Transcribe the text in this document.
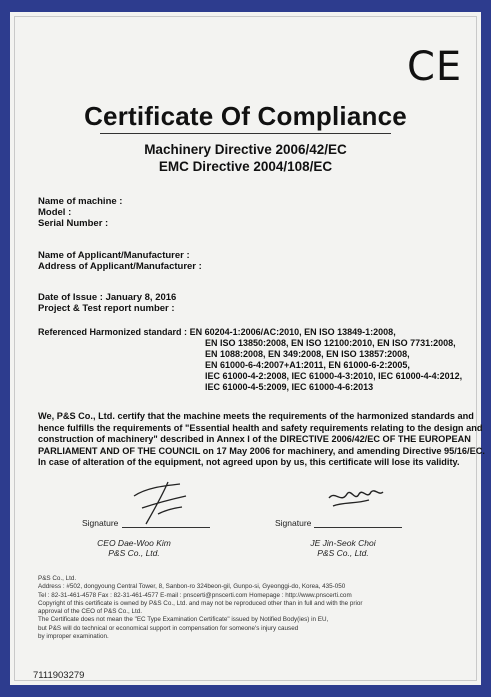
CE
Certificate Of Compliance
Machinery Directive 2006/42/EC
EMC Directive 2004/108/EC
Name of machine :
Model :
Serial Number :
Name of Applicant/Manufacturer :
Address of Applicant/Manufacturer :
Date of Issue : January 8, 2016
Project & Test report number :
Referenced Harmonized standard : EN 60204-1:2006/AC:2010, EN ISO 13849-1:2008,
EN ISO 13850:2008, EN ISO 12100:2010, EN ISO 7731:2008,
EN 1088:2008, EN 349:2008, EN ISO 13857:2008,
EN 61000-6-4:2007+A1:2011, EN 61000-6-2:2005,
IEC 61000-4-2:2008, IEC 61000-4-3:2010, IEC 61000-4-4:2012,
IEC 61000-4-5:2009, IEC 61000-4-6:2013
We, P&S Co., Ltd. certify that the machine meets the requirements of the harmonized standards and
hence fulfills the requirements of "Essential health and safety requirements relating to the design and
construction of machinery" described in Annex I of the DIRECTIVE 2006/42/EC OF THE EUROPEAN
PARLIAMENT AND OF THE COUNCIL on 17 May 2006 for machinery, and amending Directive 95/16/EC.
In case of alteration of the equipment, not agreed upon by us, this certificate will lose its validity.
Signature
CEO Dae-Woo Kim
P&S Co., Ltd.
Signature
JE Jin-Seok Choi
P&S Co., Ltd.
P&S Co., Ltd.
Address : #502, dongyoung Central Tower, 8, Sanbon-ro 324beon-gil, Gunpo-si, Gyeonggi-do, Korea, 435-050
Tel : 82-31-461-4578 Fax : 82-31-461-4577 E-mail : pnscerti@pnscerti.com Homepage : http://www.pnscerti.com
Copyright of this certificate is owned by P&S Co., Ltd. and may not be reproduced other than in full and with the prior
approval of the CEO of P&S Co., Ltd.
The Certificate does not mean the "EC Type Examination Certificate" issued by Notified Body(ies) in EU,
but P&S will do technical or economical support in compensation for someone's injury caused
by improper examination.
7111903279
